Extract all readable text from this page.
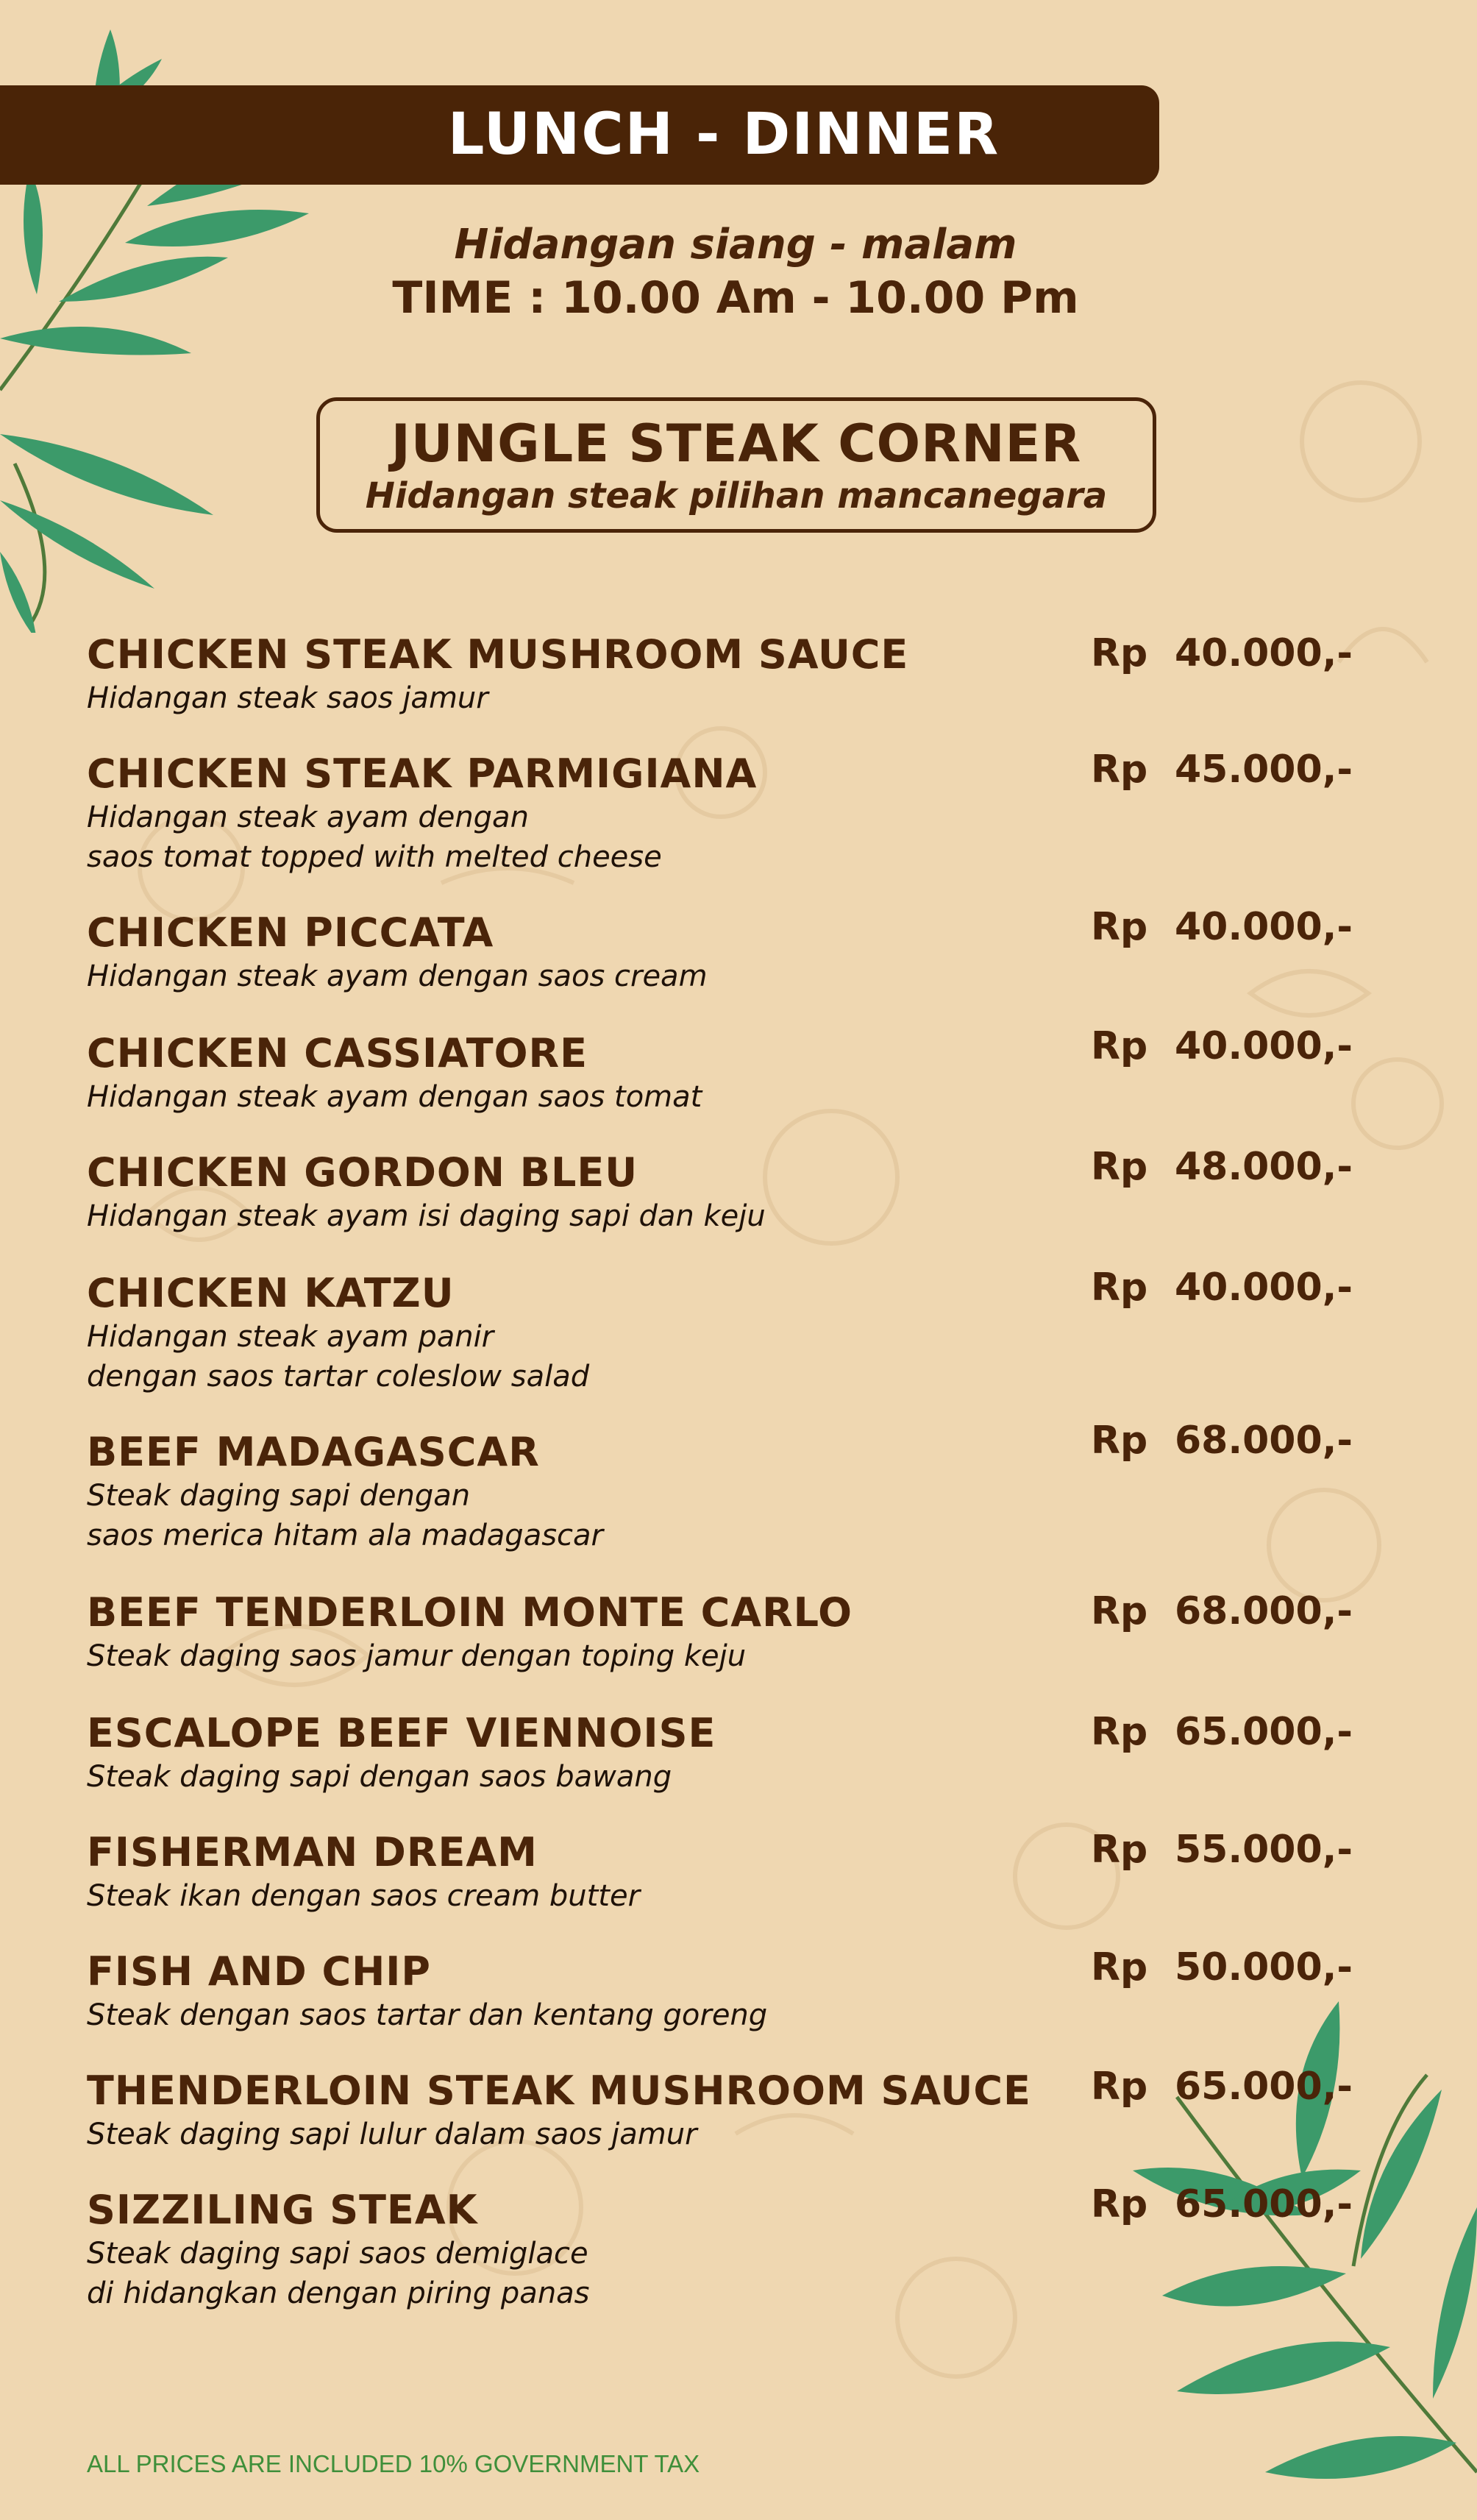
LUNCH - DINNER
Hidangan siang - malam
TIME : 10.00 Am - 10.00 Pm
JUNGLE STEAK CORNER
Hidangan steak pilihan mancanegara
CHICKEN STEAK MUSHROOM SAUCE
Hidangan steak saos jamur
Rp 40.000,-
CHICKEN STEAK PARMIGIANA
Hidangan steak ayam dengan
saos tomat topped with melted cheese
Rp 45.000,-
CHICKEN PICCATA
Hidangan steak ayam dengan saos cream
Rp 40.000,-
CHICKEN CASSIATORE
Hidangan steak ayam dengan saos tomat
Rp 40.000,-
CHICKEN GORDON BLEU
Hidangan steak ayam isi daging sapi dan keju
Rp 48.000,-
CHICKEN KATZU
Hidangan steak ayam panir
dengan saos tartar coleslow salad
Rp 40.000,-
BEEF MADAGASCAR
Steak daging sapi dengan
saos merica hitam ala madagascar
Rp 68.000,-
BEEF TENDERLOIN MONTE CARLO
Steak daging saos jamur dengan toping keju
Rp 68.000,-
ESCALOPE BEEF VIENNOISE
Steak daging sapi dengan saos bawang
Rp 65.000,-
FISHERMAN DREAM
Steak ikan dengan saos cream butter
Rp 55.000,-
FISH AND CHIP
Steak dengan saos tartar dan kentang goreng
Rp 50.000,-
THENDERLOIN STEAK MUSHROOM SAUCE
Steak daging sapi lulur dalam saos jamur
Rp 65.000,-
SIZZILING STEAK
Steak daging sapi saos demiglace
di hidangkan dengan piring panas
Rp 65.000,-
ALL PRICES ARE INCLUDED 10% GOVERNMENT TAX
